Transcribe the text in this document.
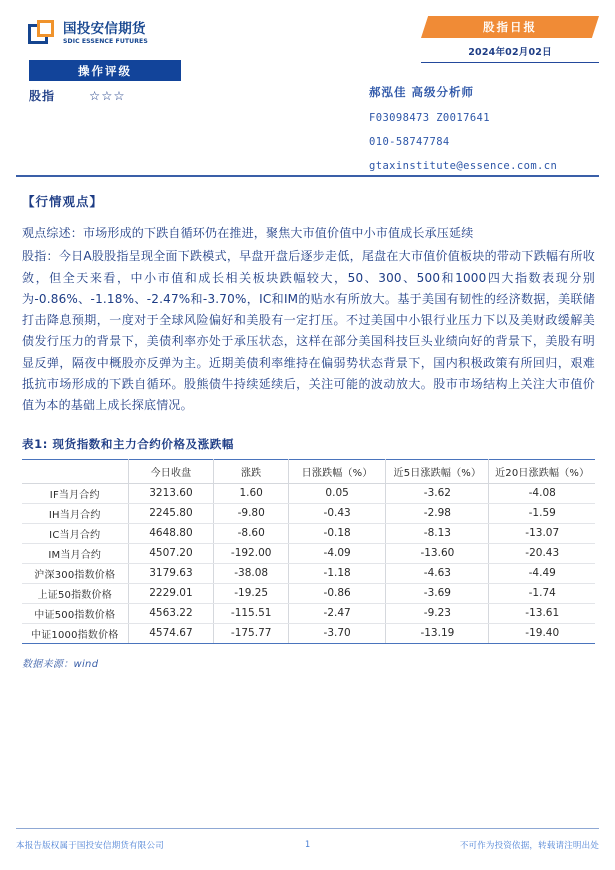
国投安信期货
SDIC ESSENCE FUTURES
操作评级
股指	☆☆☆
股指日报
2024年02月02日
郝泓佳 高级分析师
F03098473 Z0017641
010-58747784
gtaxinstitute@essence.com.cn
【行情观点】

观点综述：市场形成的下跌自循环仍在推进，聚焦大市值价值中小市值成长承压延续

股指：今日A股股指呈现全面下跌模式，早盘开盘后逐步走低，尾盘在大市值价值板块的带动下跌幅有所收敛，但全天来看，中小市值和成长相关板块跌幅较大，50、300、500和1000四大指数表现分别为-0.86%、-1.18%、-2.47%和-3.70%，IC和IM的贴水有所放大。基于美国有韧性的经济数据，美联储打击降息预期，一度对于全球风险偏好和美股有一定打压。不过美国中小银行业压力下以及美财政缓解美债发行压力的背景下，美债利率亦处于承压状态，这样在部分美国科技巨头业绩向好的背景下，美股有明显反弹，隔夜中概股亦反弹为主。近期美债利率维持在偏弱势状态背景下，国内积极政策有所回归，艰难抵抗市场形成的下跌自循环。股熊债牛持续延续后，关注可能的波动放大。股市市场结构上关注大市值价值为本的基础上成长探底情况。

表1: 现货指数和主力合约价格及涨跌幅
	今日收盘	涨跌	日涨跌幅（%）	近5日涨跌幅（%）	近20日涨跌幅（%）
IF当月合约	3213.60	1.60	0.05	-3.62	-4.08
IH当月合约	2245.80	-9.80	-0.43	-2.98	-1.59
IC当月合约	4648.80	-8.60	-0.18	-8.13	-13.07
IM当月合约	4507.20	-192.00	-4.09	-13.60	-20.43
沪深300指数价格	3179.63	-38.08	-1.18	-4.63	-4.49
上证50指数价格	2229.01	-19.25	-0.86	-3.69	-1.74
中证500指数价格	4563.22	-115.51	-2.47	-9.23	-13.61
中证1000指数价格	4574.67	-175.77	-3.70	-13.19	-19.40
数据来源：wind
本报告版权属于国投安信期货有限公司	1	不可作为投资依据，转载请注明出处
